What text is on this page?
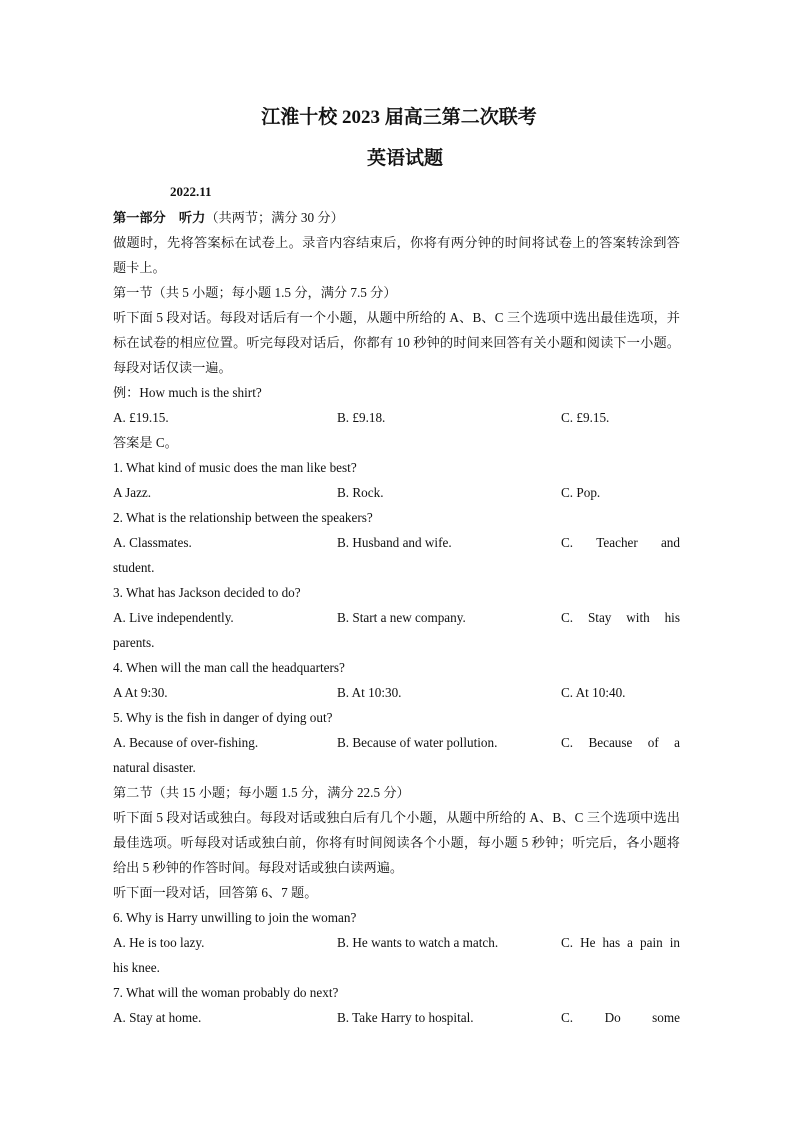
江淮十校 2023 届高三第二次联考
英语试题
2022.11
第一部分　听力（共两节；满分 30 分）
做题时，先将答案标在试卷上。录音内容结束后，你将有两分钟的时间将试卷上的答案转涂到答题卡上。
第一节（共 5 小题；每小题 1.5 分，满分 7.5 分）
听下面 5 段对话。每段对话后有一个小题，从题中所给的 A、B、C 三个选项中选出最佳选项，并标在试卷的相应位置。听完每段对话后，你都有 10 秒钟的时间来回答有关小题和阅读下一小题。每段对话仅读一遍。
例：How much is the shirt?
A. £19.15.	B. £9.18.	C. £9.15.
答案是 C。
1. What kind of music does the man like best?
A Jazz.	B. Rock.	C. Pop.
2. What is the relationship between the speakers?
A. Classmates.	B. Husband and wife.	C. Teacher and
student.
3. What has Jackson decided to do?
A. Live independently.	B. Start a new company.	C. Stay with his
parents.
4. When will the man call the headquarters?
A At 9:30.	B. At 10:30.	C. At 10:40.
5. Why is the fish in danger of dying out?
A. Because of over-fishing.	B. Because of water pollution.	C. Because of a
natural disaster.
第二节（共 15 小题；每小题 1.5 分，满分 22.5 分）
听下面 5 段对话或独白。每段对话或独白后有几个小题，从题中所给的 A、B、C 三个选项中选出最佳选项。听每段对话或独白前，你将有时间阅读各个小题，每小题 5 秒钟；听完后，各小题将给出 5 秒钟的作答时间。每段对话或独白读两遍。
听下面一段对话，回答第 6、7 题。
6. Why is Harry unwilling to join the woman?
A. He is too lazy.	B. He wants to watch a match.	C. He has a pain in
his knee.
7. What will the woman probably do next?
A. Stay at home.	B. Take Harry to hospital.	C. Do some
